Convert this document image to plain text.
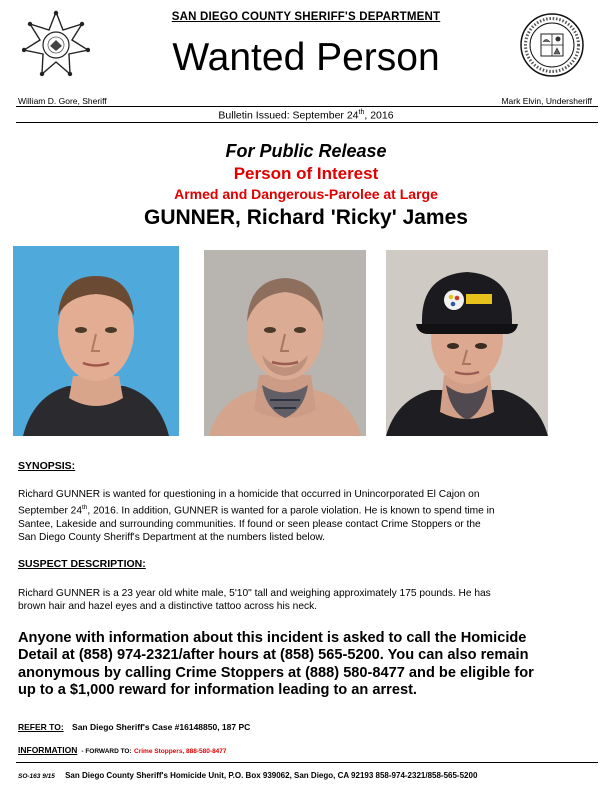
SAN DIEGO COUNTY SHERIFF'S DEPARTMENT
Wanted Person
William D. Gore, Sheriff	Mark Elvin, Undersheriff
Bulletin Issued: September 24th, 2016
For Public Release
Person of Interest
Armed and Dangerous-Parolee at Large
GUNNER, Richard 'Ricky' James
SYNOPSIS:
Richard GUNNER is wanted for questioning in a homicide that occurred in Unincorporated El Cajon on
September 24th, 2016. In addition, GUNNER is wanted for a parole violation. He is known to spend time in
Santee, Lakeside and surrounding communities. If found or seen please contact Crime Stoppers or the
San Diego County Sheriff's Department at the numbers listed below.
SUSPECT DESCRIPTION:
Richard GUNNER is a 23 year old white male, 5'10" tall and weighing approximately 175 pounds. He has
brown hair and hazel eyes and a distinctive tattoo across his neck.
Anyone with information about this incident is asked to call the Homicide
Detail at (858) 974-2321/after hours at (858) 565-5200. You can also remain
anonymous by calling Crime Stoppers at (888) 580-8477 and be eligible for
up to a $1,000 reward for information leading to an arrest.
REFER TO: San Diego Sheriff's Case #16148850, 187 PC
INFORMATION - FORWARD TO: Crime Stoppers, 888-580-8477
SO-163 9/15 San Diego County Sheriff's Homicide Unit, P.O. Box 939062, San Diego, CA 92193 858-974-2321/858-565-5200
